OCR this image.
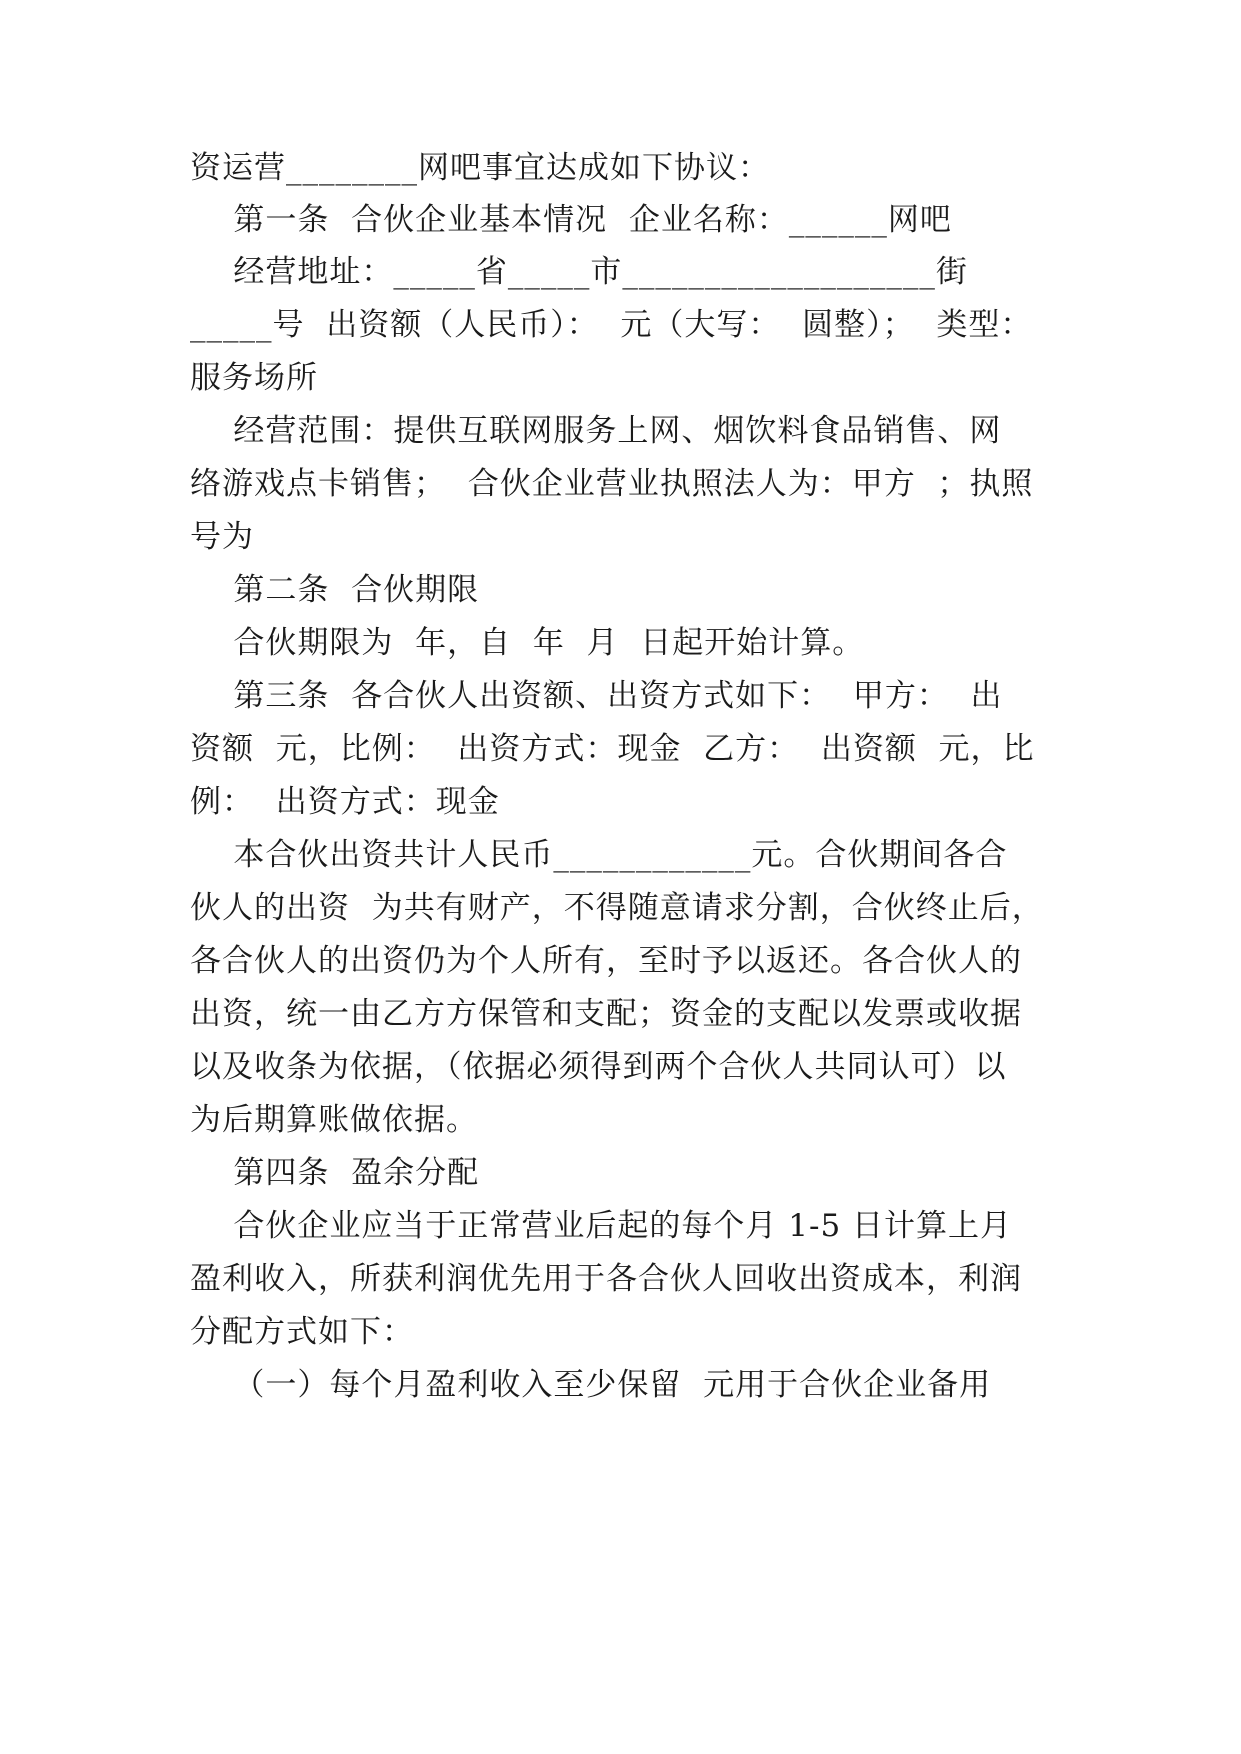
资运营________网吧事宜达成如下协议：
第一条  合伙企业基本情况  企业名称：______网吧
经营地址：_____省_____市___________________街
_____号  出资额（人民币）：  元（大写：  圆整）；  类型：
服务场所
经营范围：提供互联网服务上网、烟饮料食品销售、网
络游戏点卡销售；  合伙企业营业执照法人为：甲方  ；执照
号为
第二条  合伙期限
合伙期限为  年，自  年  月  日起开始计算。
第三条  各合伙人出资额、出资方式如下：  甲方：  出
资额  元，比例：  出资方式：现金  乙方：  出资额  元，比
例：  出资方式：现金
本合伙出资共计人民币____________元。合伙期间各合
伙人的出资  为共有财产，不得随意请求分割，合伙终止后，
各合伙人的出资仍为个人所有，至时予以返还。各合伙人的
出资，统一由乙方方保管和支配；资金的支配以发票或收据
以及收条为依据，（依据必须得到两个合伙人共同认可）以
为后期算账做依据。
第四条  盈余分配
合伙企业应当于正常营业后起的每个月 1-5 日计算上月
盈利收入，所获利润优先用于各合伙人回收出资成本，利润
分配方式如下：
（一）每个月盈利收入至少保留  元用于合伙企业备用
